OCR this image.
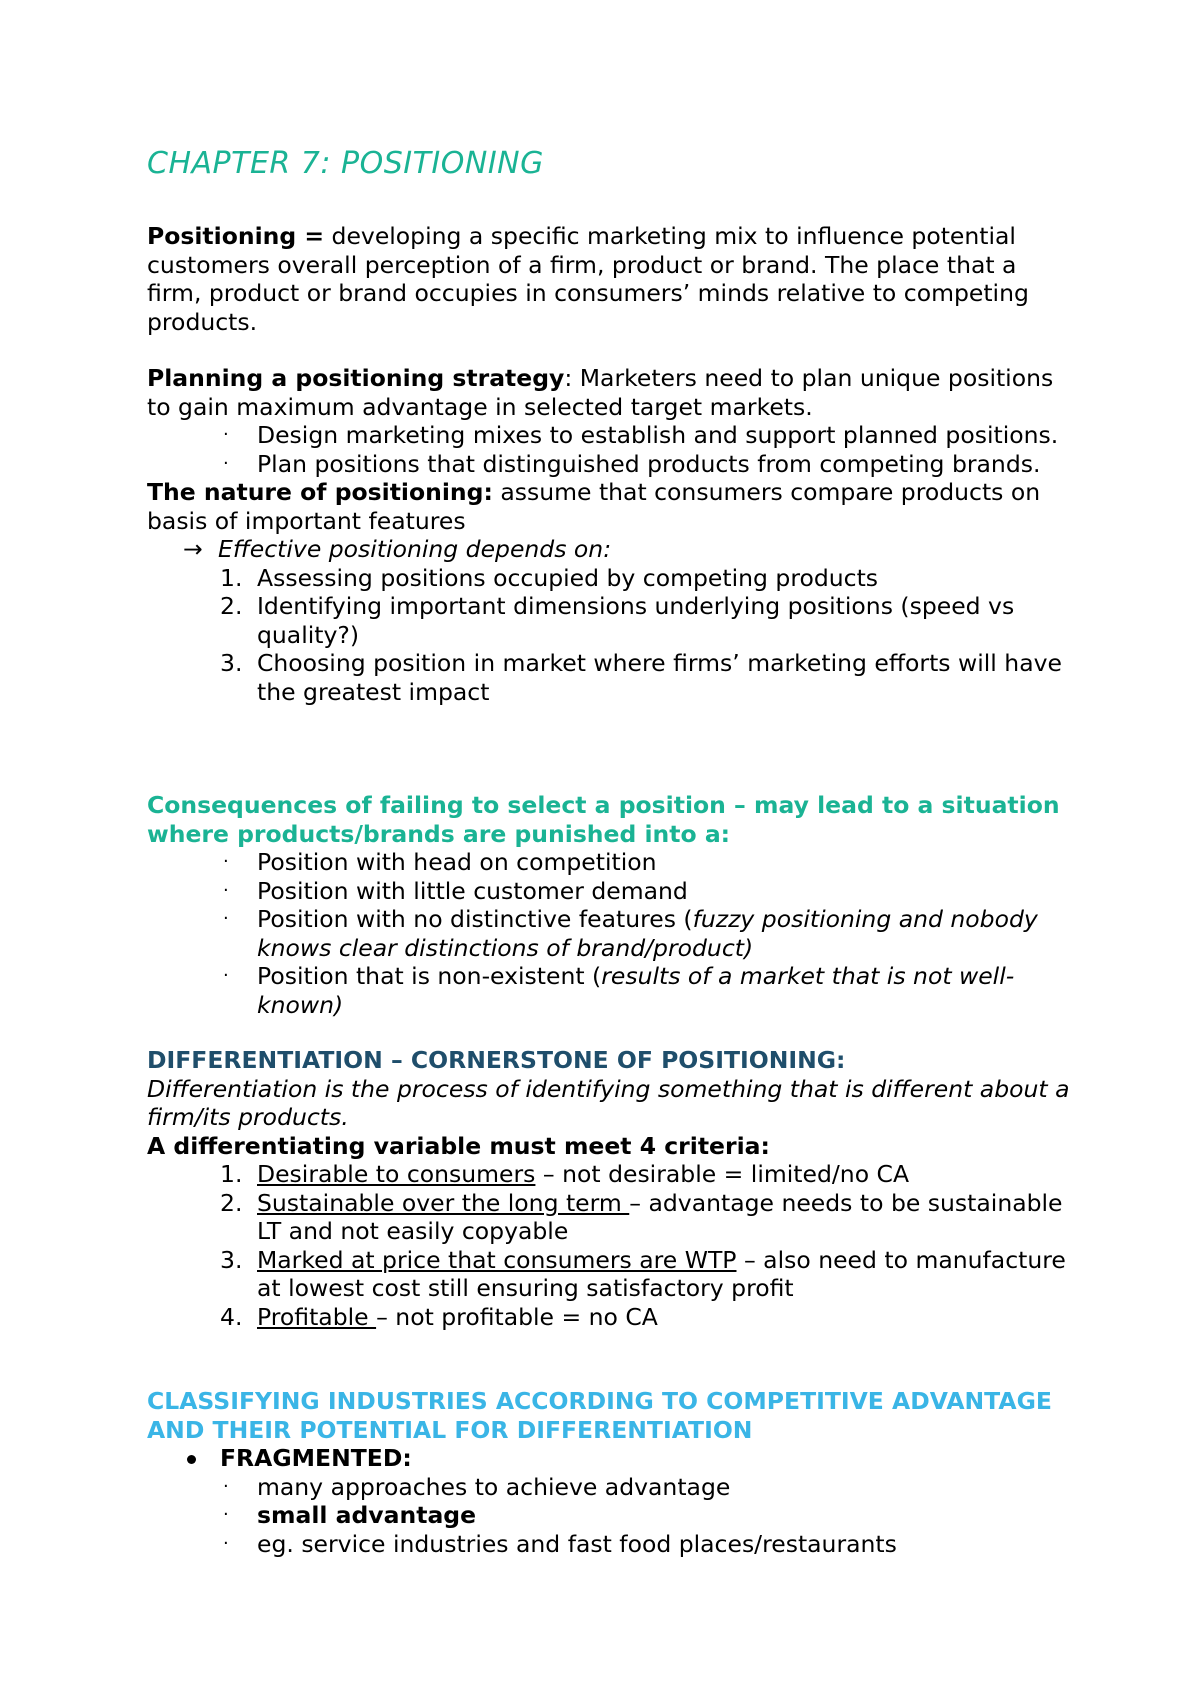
CHAPTER 7: POSITIONING

Positioning = developing a specific marketing mix to influence potential customers overall perception of a firm, product or brand. The place that a firm, product or brand occupies in consumers’ minds relative to competing products.

Planning a positioning strategy: Marketers need to plan unique positions to gain maximum advantage in selected target markets.

· Design marketing mixes to establish and support planned positions.
· Plan positions that distinguished products from competing brands.

The nature of positioning: assume that consumers compare products on basis of important features

→ Effective positioning depends on:
1. Assessing positions occupied by competing products
2. Identifying important dimensions underlying positions (speed vs quality?)
3. Choosing position in market where firms’ marketing efforts will have the greatest impact

Consequences of failing to select a position – may lead to a situation where products/brands are punished into a:

· Position with head on competition
· Position with little customer demand
· Position with no distinctive features (fuzzy positioning and nobody knows clear distinctions of brand/product)
· Position that is non-existent (results of a market that is not well-known)

DIFFERENTIATION – CORNERSTONE OF POSITIONING:

Differentiation is the process of identifying something that is different about a firm/its products.

A differentiating variable must meet 4 criteria:

1. Desirable to consumers – not desirable = limited/no CA
2. Sustainable over the long term – advantage needs to be sustainable LT and not easily copyable
3. Marked at price that consumers are WTP – also need to manufacture at lowest cost still ensuring satisfactory profit
4. Profitable – not profitable = no CA

CLASSIFYING INDUSTRIES ACCORDING TO COMPETITIVE ADVANTAGE AND THEIR POTENTIAL FOR DIFFERENTIATION

FRAGMENTED:
· many approaches to achieve advantage
· small advantage
· eg. service industries and fast food places/restaurants
